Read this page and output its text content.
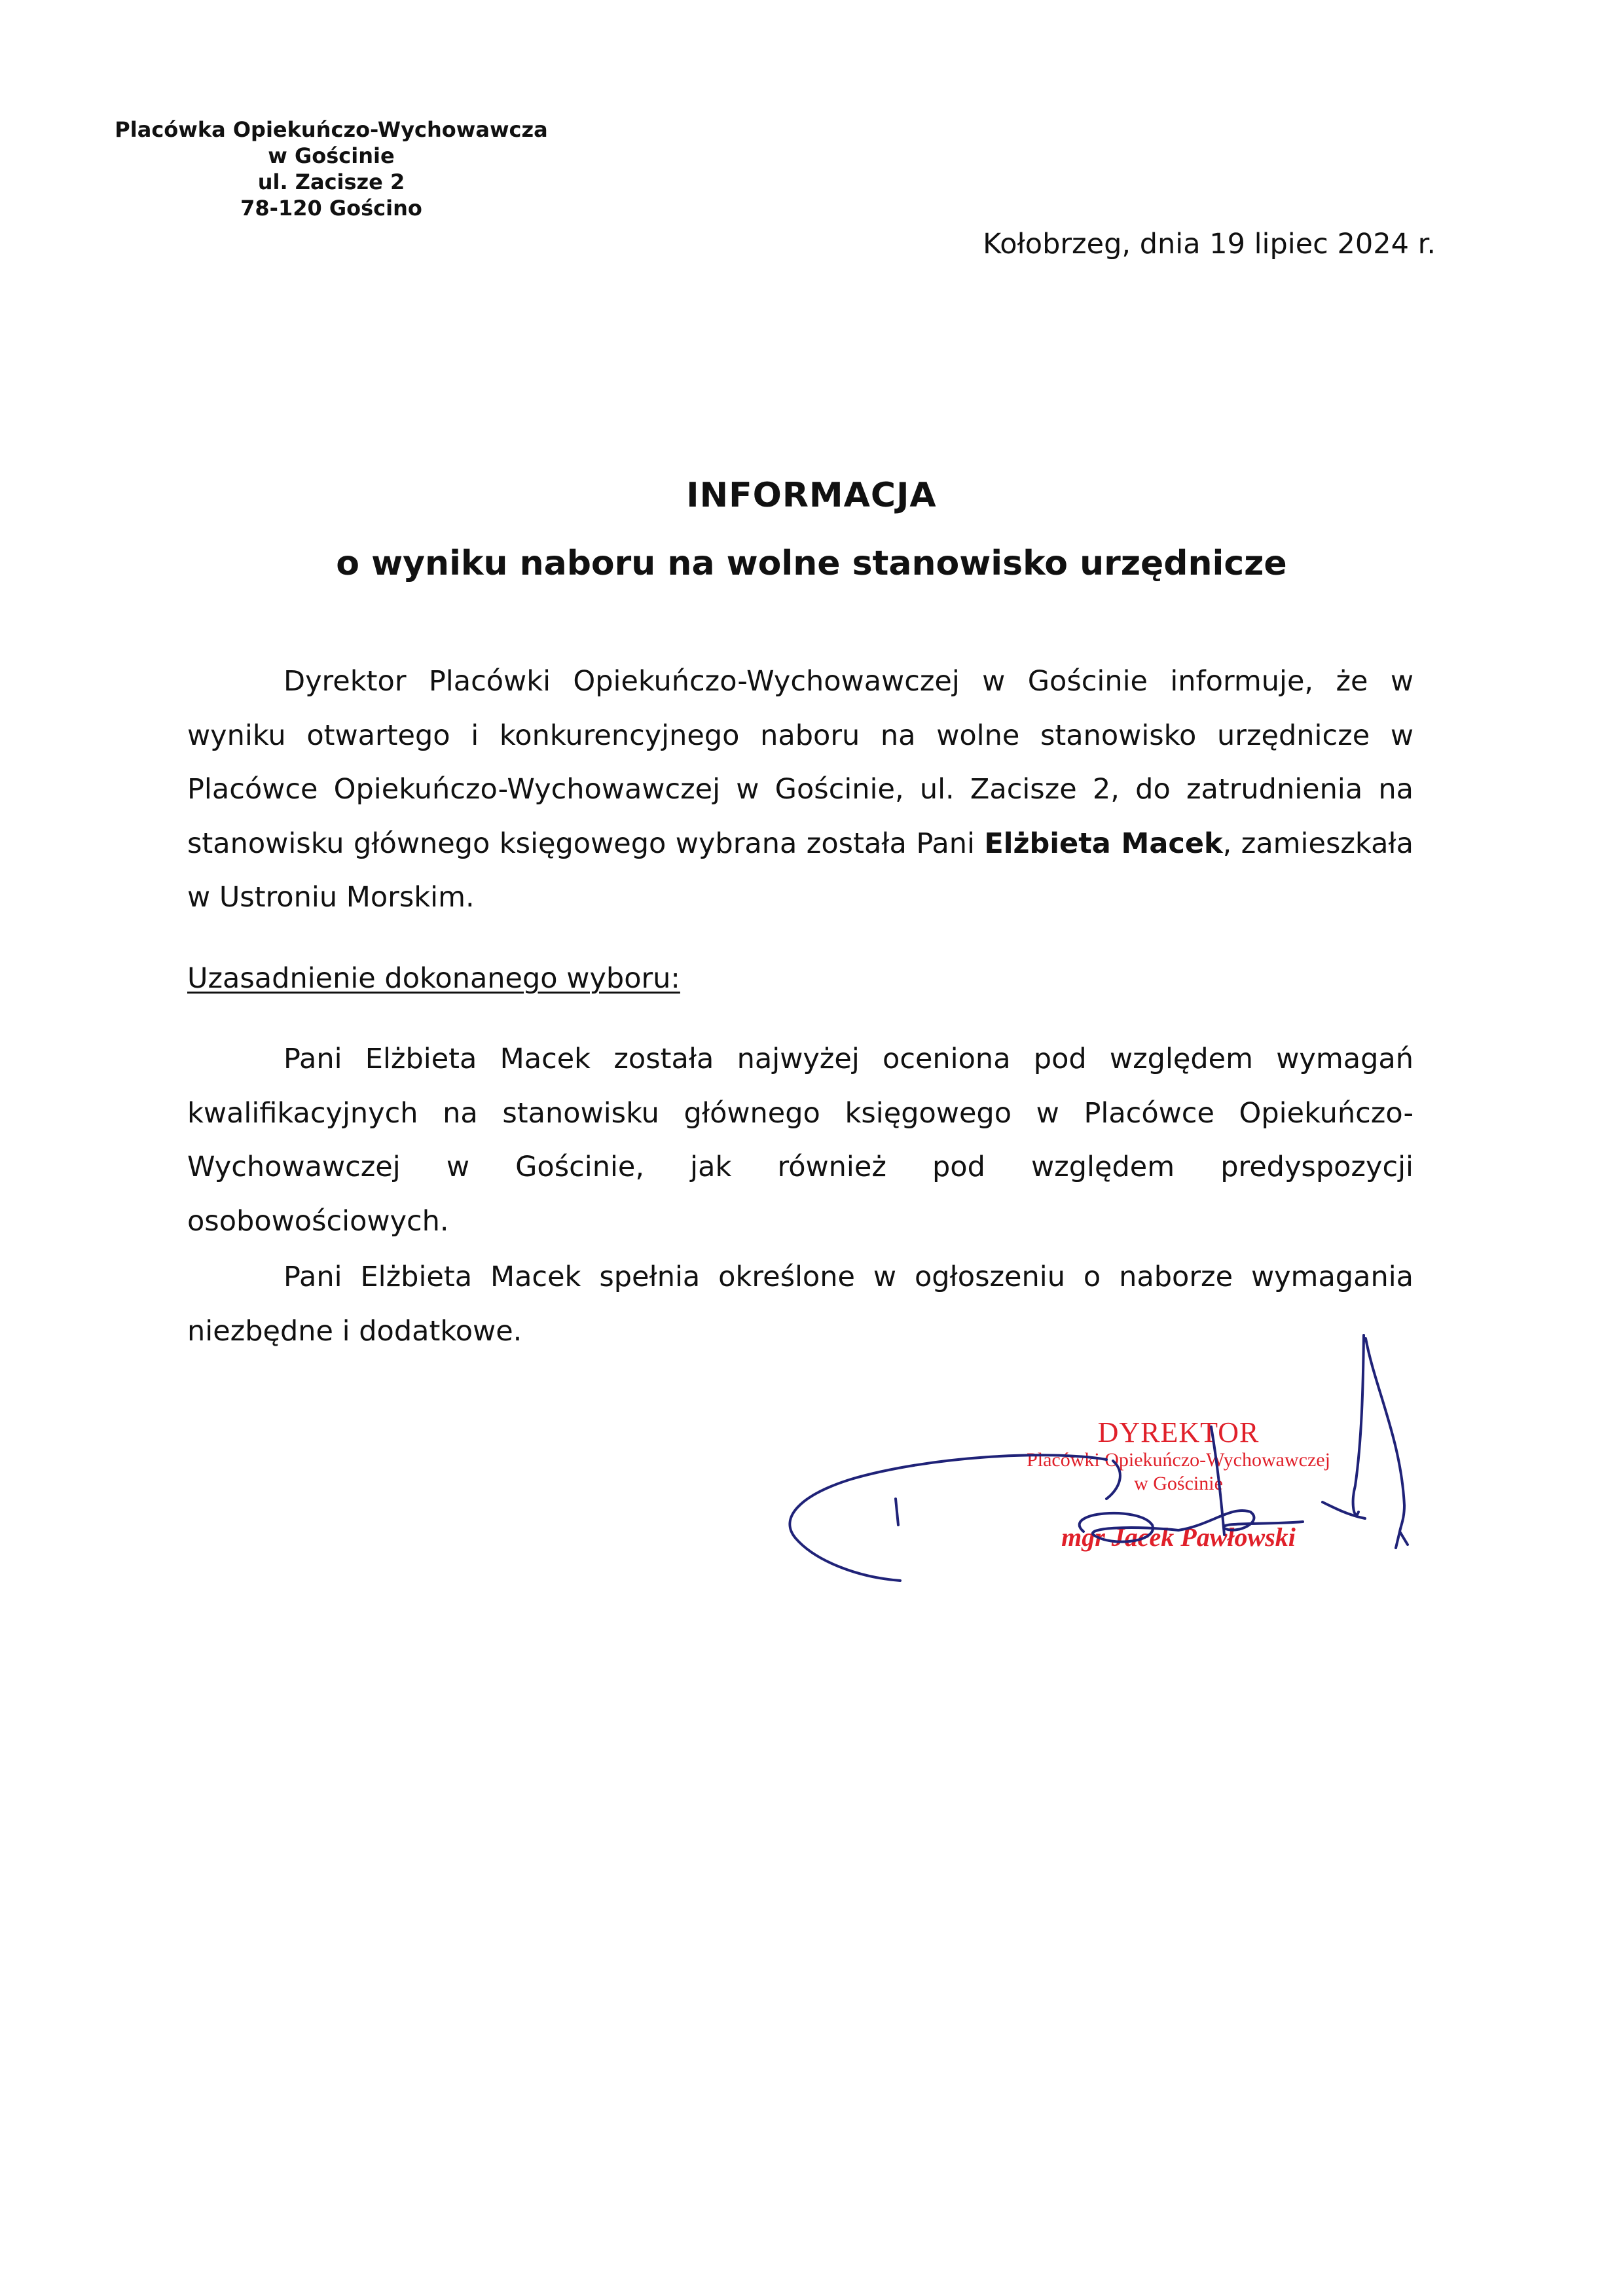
Placówka Opiekuńczo-Wychowawcza
w Gościnie
ul. Zacisze 2
78-120 Gościno
Kołobrzeg, dnia 19 lipiec 2024 r.
INFORMACJA
o wyniku naboru na wolne stanowisko urzędnicze
Dyrektor Placówki Opiekuńczo-Wychowawczej w Gościnie informuje, że w wyniku otwartego i konkurencyjnego naboru na wolne stanowisko urzędnicze w Placówce Opiekuńczo-Wychowawczej w Gościnie, ul. Zacisze 2, do zatrudnienia na stanowisku głównego księgowego wybrana została Pani Elżbieta Macek, zamieszkała w Ustroniu Morskim.
Uzasadnienie dokonanego wyboru:
Pani Elżbieta Macek została najwyżej oceniona pod względem wymagań kwalifikacyjnych na stanowisku głównego księgowego w Placówce Opiekuńczo-Wychowawczej w Gościnie, jak również pod względem predyspozycji osobowościowych.
Pani Elżbieta Macek spełnia określone w ogłoszeniu o naborze wymagania niezbędne i dodatkowe.
DYREKTOR
Placówki Opiekuńczo-Wychowawczej
w Gościnie
mgr Jacek Pawłowski
